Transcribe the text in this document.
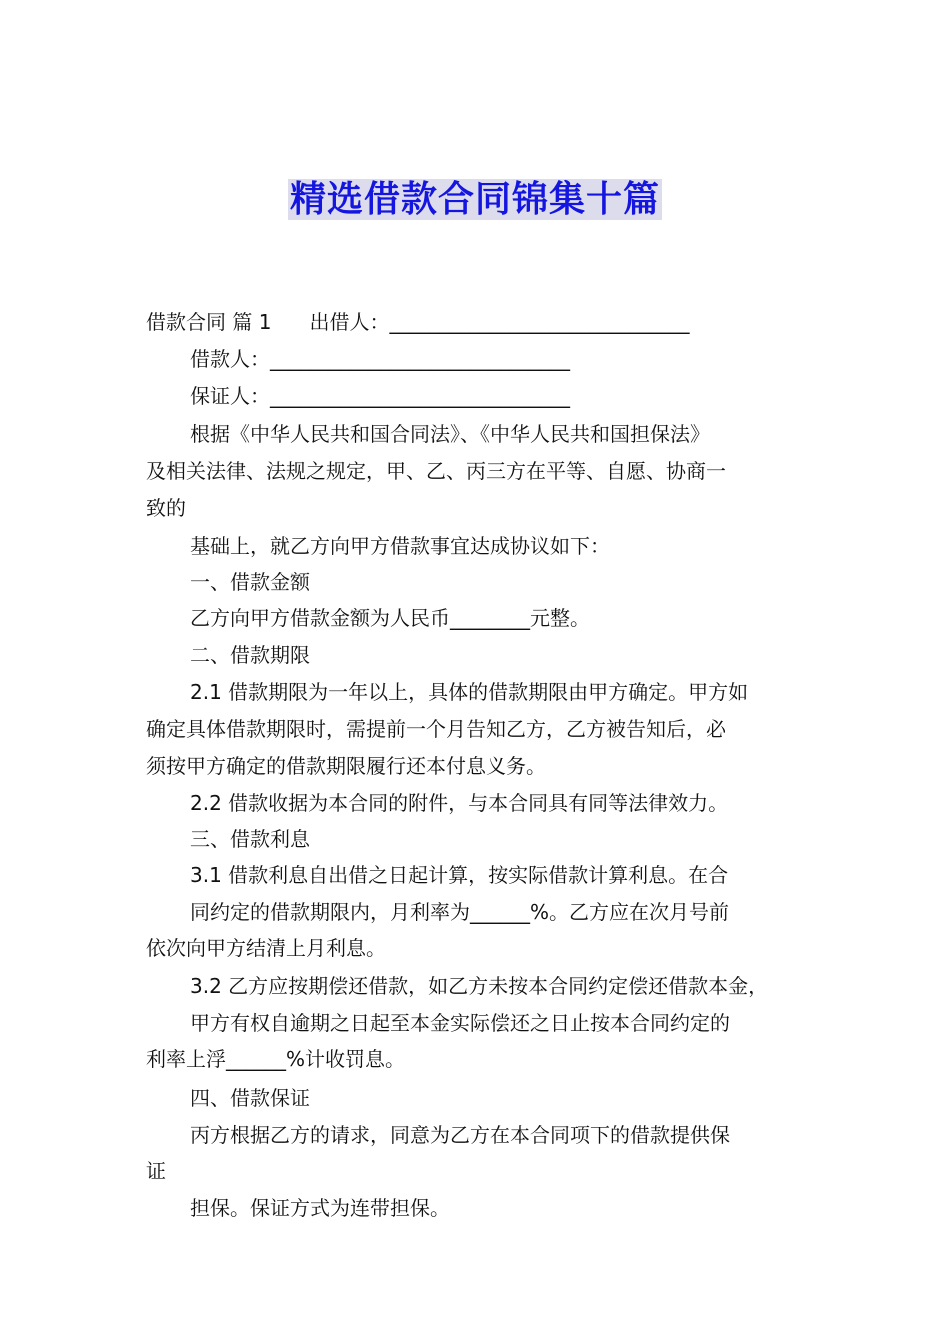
精选借款合同锦集十篇
借款合同 篇 1 出借人：______________________________
借款人：______________________________
保证人：______________________________
根据《中华人民共和国合同法》、《中华人民共和国担保法》
及相关法律、法规之规定，甲、乙、丙三方在平等、自愿、协商一
致的
基础上，就乙方向甲方借款事宜达成协议如下：
一、借款金额
乙方向甲方借款金额为人民币________元整。
二、借款期限
2.1 借款期限为一年以上，具体的借款期限由甲方确定。甲方如
确定具体借款期限时，需提前一个月告知乙方，乙方被告知后，必
须按甲方确定的借款期限履行还本付息义务。
2.2 借款收据为本合同的附件，与本合同具有同等法律效力。
三、借款利息
3.1 借款利息自出借之日起计算，按实际借款计算利息。在合
同约定的借款期限内，月利率为______%。乙方应在次月号前
依次向甲方结清上月利息。
3.2 乙方应按期偿还借款，如乙方未按本合同约定偿还借款本金，
甲方有权自逾期之日起至本金实际偿还之日止按本合同约定的
利率上浮______%计收罚息。
四、借款保证
丙方根据乙方的请求，同意为乙方在本合同项下的借款提供保
证
担保。保证方式为连带担保。
